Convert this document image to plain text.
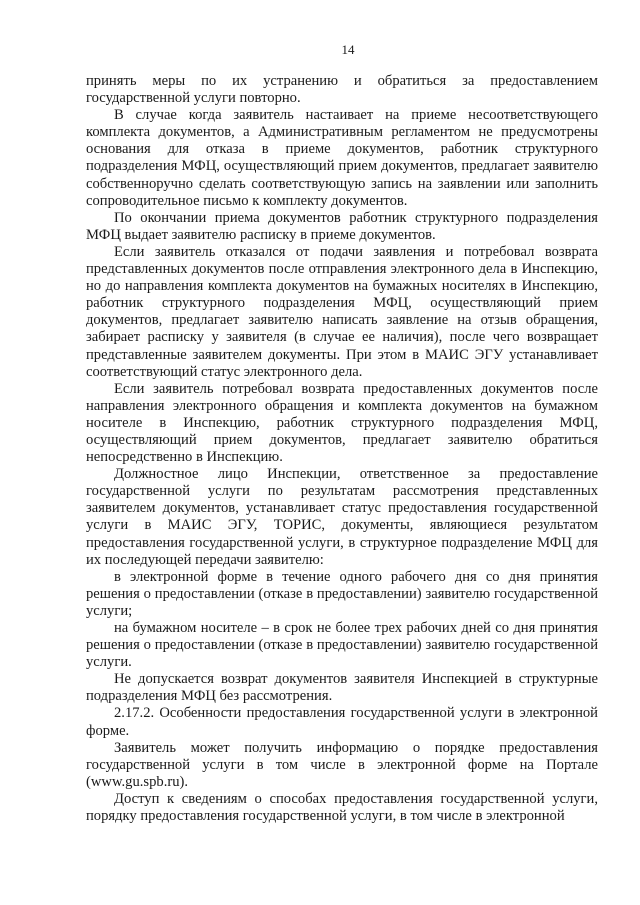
14

принять меры по их устранению и обратиться за предоставлением государственной услуги повторно.

В случае когда заявитель настаивает на приеме несоответствующего комплекта документов, а Административным регламентом не предусмотрены основания для отказа в приеме документов, работник структурного подразделения МФЦ, осуществляющий прием документов, предлагает заявителю собственноручно сделать соответствующую запись на заявлении или заполнить сопроводительное письмо к комплекту документов.

По окончании приема документов работник структурного подразделения МФЦ выдает заявителю расписку в приеме документов.

Если заявитель отказался от подачи заявления и потребовал возврата представленных документов после отправления электронного дела в Инспекцию, но до направления комплекта документов на бумажных носителях в Инспекцию, работник структурного подразделения МФЦ, осуществляющий прием документов, предлагает заявителю написать заявление на отзыв обращения, забирает расписку у заявителя (в случае ее наличия), после чего возвращает представленные заявителем документы. При этом в МАИС ЭГУ устанавливает соответствующий статус электронного дела.

Если заявитель потребовал возврата предоставленных документов после направления электронного обращения и комплекта документов на бумажном носителе в Инспекцию, работник структурного подразделения МФЦ, осуществляющий прием документов, предлагает заявителю обратиться непосредственно в Инспекцию.

Должностное лицо Инспекции, ответственное за предоставление государственной услуги по результатам рассмотрения представленных заявителем документов, устанавливает статус предоставления государственной услуги в МАИС ЭГУ, ТОРИС, документы, являющиеся результатом предоставления государственной услуги, в структурное подразделение МФЦ для их последующей передачи заявителю:

в электронной форме в течение одного рабочего дня со дня принятия решения о предоставлении (отказе в предоставлении) заявителю государственной услуги;

на бумажном носителе – в срок не более трех рабочих дней со дня принятия решения о предоставлении (отказе в предоставлении) заявителю государственной услуги.

Не допускается возврат документов заявителя Инспекцией в структурные подразделения МФЦ без рассмотрения.

2.17.2. Особенности предоставления государственной услуги в электронной форме.

Заявитель может получить информацию о порядке предоставления государственной услуги в том числе в электронной форме на Портале (www.gu.spb.ru).

Доступ к сведениям о способах предоставления государственной услуги, порядку предоставления государственной услуги, в том числе в электронной
